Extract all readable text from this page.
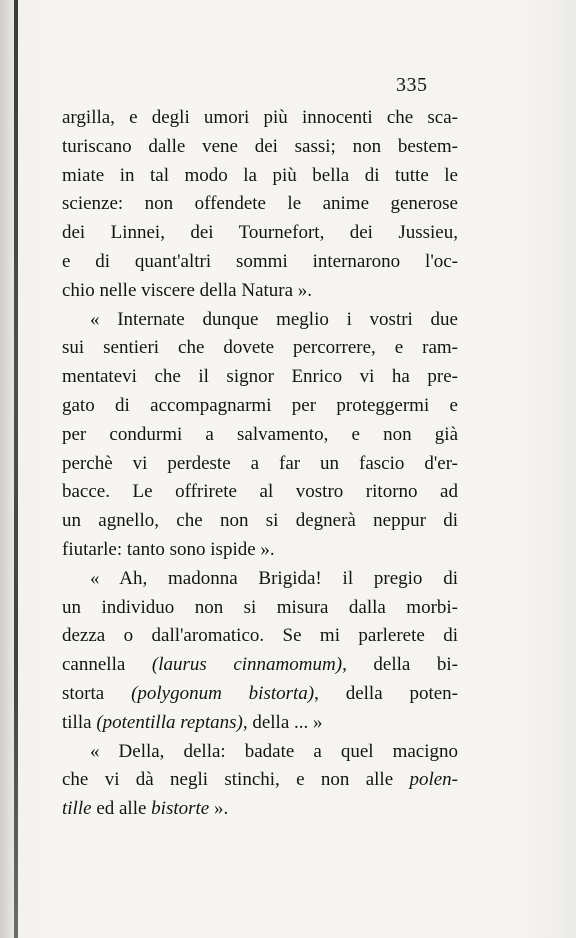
335
argilla, e degli umori più innocenti che sca-
turiscano dalle vene dei sassi; non bestem-
miate in tal modo la più bella di tutte le
scienze: non offendete le anime generose
dei Linnei, dei Tournefort, dei Jussieu,
e di quant'altri sommi internarono l'oc-
chio nelle viscere della Natura ».
« Internate dunque meglio i vostri due
sui sentieri che dovete percorrere, e ram-
mentatevi che il signor Enrico vi ha pre-
gato di accompagnarmi per proteggermi e
per condurmi a salvamento, e non già
perchè vi perdeste a far un fascio d'er-
bacce. Le offrirete al vostro ritorno ad
un agnello, che non si degnerà neppur di
fiutarle: tanto sono ispide ».
« Ah, madonna Brigida! il pregio di
un individuo non si misura dalla morbi-
dezza o dall'aromatico. Se mi parlerete di
cannella (laurus cinnamomum), della bi-
storta (polygonum bistorta), della poten-
tilla (potentilla reptans), della ... »
« Della, della: badate a quel macigno
che vi dà negli stinchi, e non alle polen-
tille ed alle bistorte ».
